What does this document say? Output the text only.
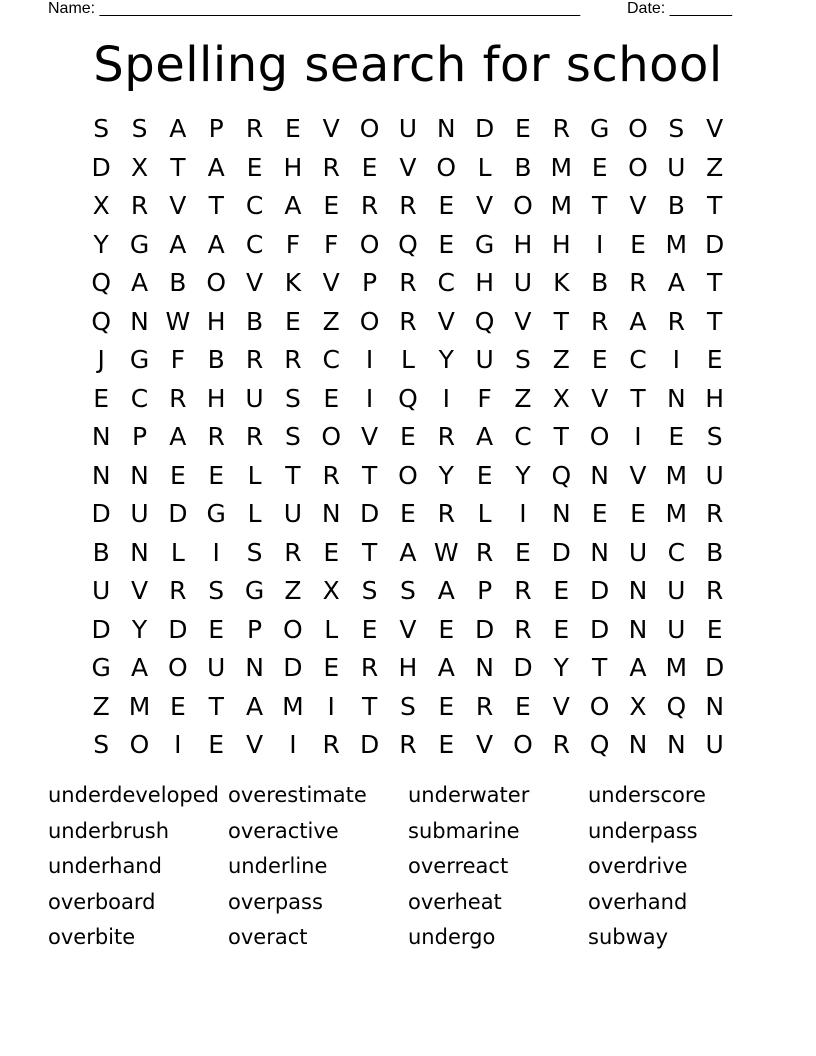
Name: ______________________________________________________	Date: _______
Spelling search for school
S S A P R E V O U N D E R G O S V
D X T A E H R E V O L B M E O U Z
X R V T C A E R R E V O M T V B T
Y G A A C F F O Q E G H H	I	E M D
Q A B O V K V P R C H U K B R A T
Q N W H B E Z O R V Q V T R A R T
J G F B R R C	I	L Y U S Z E C	I	E
E C R H U S E	I Q I	F Z X V T N H
N P A R R S O V E R A C T O I	E S
N N E E L T R T O Y E Y Q N V M U
D U D G L U N D E R L	I	N E E M R
B N L	I	S R E T A W R E D N U C B
U V R S G Z X S S A P R E D N U R
D Y D E P O L E V E D R E D N U E
G A O U N D E R H A N D Y T A M D
Z M E T A M I	T S E R E V O X Q N
S O I	E V	I	R D R E V O R Q N N U
underdeveloped overestimate	underwater	underscore
underbrush	overactive	submarine	underpass
underhand	underline	overreact	overdrive
overboard	overpass	overheat	overhand
overbite	overact	undergo	subway
